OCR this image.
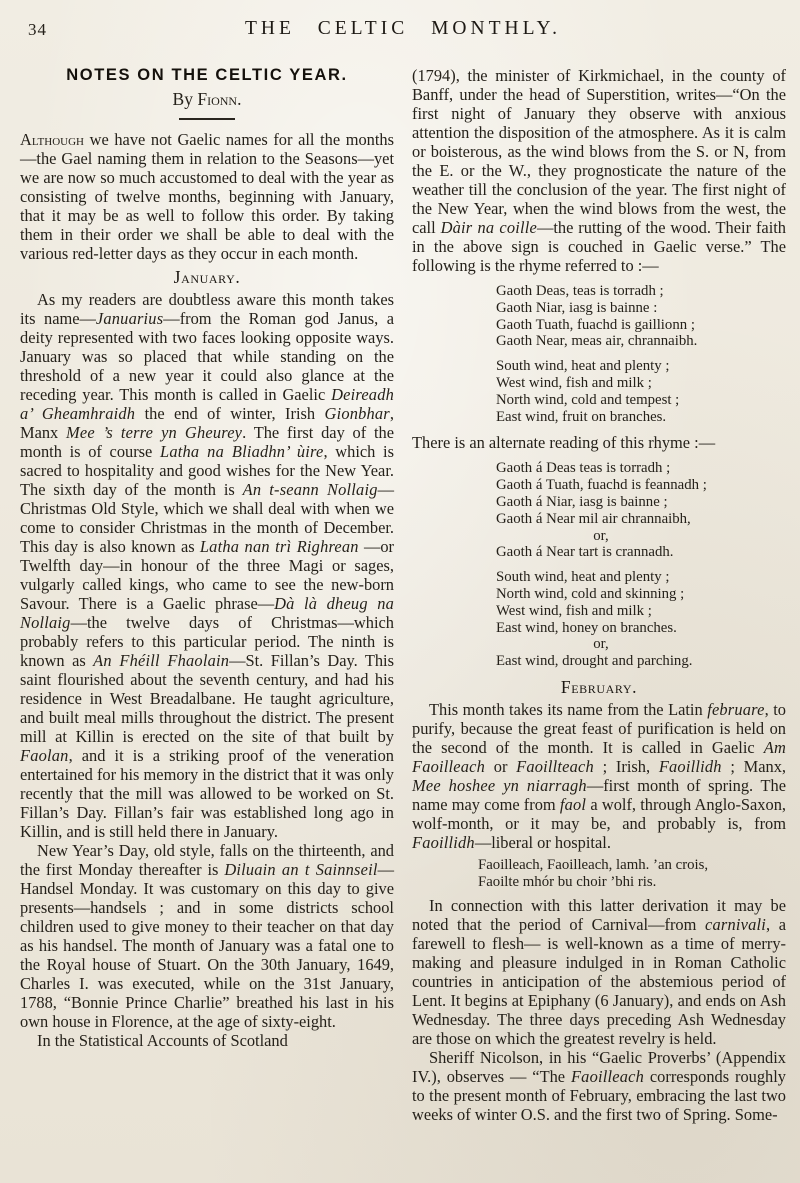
34	THE CELTIC MONTHLY.
NOTES ON THE CELTIC YEAR.
By Fionn.

Although we have not Gaelic names for all the months—the Gael naming them in relation to the Seasons—yet we are now so much accustomed to deal with the year as consisting of twelve months, beginning with January, that it may be as well to follow this order. By taking them in their order we shall be able to deal with the various red-letter days as they occur in each month.

January.

As my readers are doubtless aware this month takes its name—Januarius—from the Roman god Janus, a deity represented with two faces looking opposite ways. January was so placed that while standing on the threshold of a new year it could also glance at the receding year. This month is called in Gaelic Deireadh a’ Gheamhraidh the end of winter, Irish Gionbhar, Manx Mee ’s terre yn Gheurey. The first day of the month is of course Latha na Bliadhn’ ùire, which is sacred to hospitality and good wishes for the New Year. The sixth day of the month is An t-seann Nollaig—Christmas Old Style, which we shall deal with when we come to consider Christmas in the month of December. This day is also known as Latha nan trì Righrean —or Twelfth day—in honour of the three Magi or sages, vulgarly called kings, who came to see the new-born Savour. There is a Gaelic phrase—Dà là dheug na Nollaig—the twelve days of Christmas—which probably refers to this particular period. The ninth is known as An Fhéill Fhaolain—St. Fillan’s Day. This saint flourished about the seventh century, and had his residence in West Breadalbane. He taught agriculture, and built meal mills throughout the district. The present mill at Killin is erected on the site of that built by Faolan, and it is a striking proof of the veneration entertained for his memory in the district that it was only recently that the mill was allowed to be worked on St. Fillan’s Day. Fillan’s fair was established long ago in Killin, and is still held there in January.

New Year’s Day, old style, falls on the thirteenth, and the first Monday thereafter is Diluain an t Sainnseil—Handsel Monday. It was customary on this day to give presents—handsels ; and in some districts school children used to give money to their teacher on that day as his handsel. The month of January was a fatal one to the Royal house of Stuart. On the 30th January, 1649, Charles I. was executed, while on the 31st January, 1788, “Bonnie Prince Charlie” breathed his last in his own house in Florence, at the age of sixty-eight.

In the Statistical Accounts of Scotland

(1794), the minister of Kirkmichael, in the county of Banff, under the head of Superstition, writes—“On the first night of January they observe with anxious attention the disposition of the atmosphere. As it is calm or boisterous, as the wind blows from the S. or N, from the E. or the W., they prognosticate the nature of the weather till the conclusion of the year. The first night of the New Year, when the wind blows from the west, the call Dàir na coille—the rutting of the wood. Their faith in the above sign is couched in Gaelic verse.” The following is the rhyme referred to :—

Gaoth Deas, teas is torradh ;
Gaoth Niar, iasg is bainne :
Gaoth Tuath, fuachd is gaillionn ;
Gaoth Near, meas air, chrannaibh.
South wind, heat and plenty ;
West wind, fish and milk ;
North wind, cold and tempest ;
East wind, fruit on branches.

There is an alternate reading of this rhyme :—

Gaoth á Deas teas is torradh ;
Gaoth á Tuath, fuachd is feannadh ;
Gaoth á Niar, iasg is bainne ;
Gaoth á Near mil air chrannaibh,
or,
Gaoth á Near tart is crannadh.
South wind, heat and plenty ;
North wind, cold and skinning ;
West wind, fish and milk ;
East wind, honey on branches.
or,
East wind, drought and parching.
February.

This month takes its name from the Latin februare, to purify, because the great feast of purification is held on the second of the month. It is called in Gaelic Am Faoilleach or Faoillteach ; Irish, Faoillidh ; Manx, Mee hoshee yn niarragh—first month of spring. The name may come from faol a wolf, through Anglo-Saxon, wolf-month, or it may be, and probably is, from Faoillidh—liberal or hospital.

Faoilleach, Faoilleach, lamh. ’an crois,
Faoilte mhór bu choir ’bhi ris.

In connection with this latter derivation it may be noted that the period of Carnival—from carnivali, a farewell to flesh— is well-known as a time of merry-making and pleasure indulged in in Roman Catholic countries in anticipation of the abstemious period of Lent. It begins at Epiphany (6 January), and ends on Ash Wednesday. The three days preceding Ash Wednesday are those on which the greatest revelry is held.

Sheriff Nicolson, in his “Gaelic Proverbs’ (Appendix IV.), observes — “The Faoilleach corresponds roughly to the present month of February, embracing the last two weeks of winter O.S. and the first two of Spring. Some-
